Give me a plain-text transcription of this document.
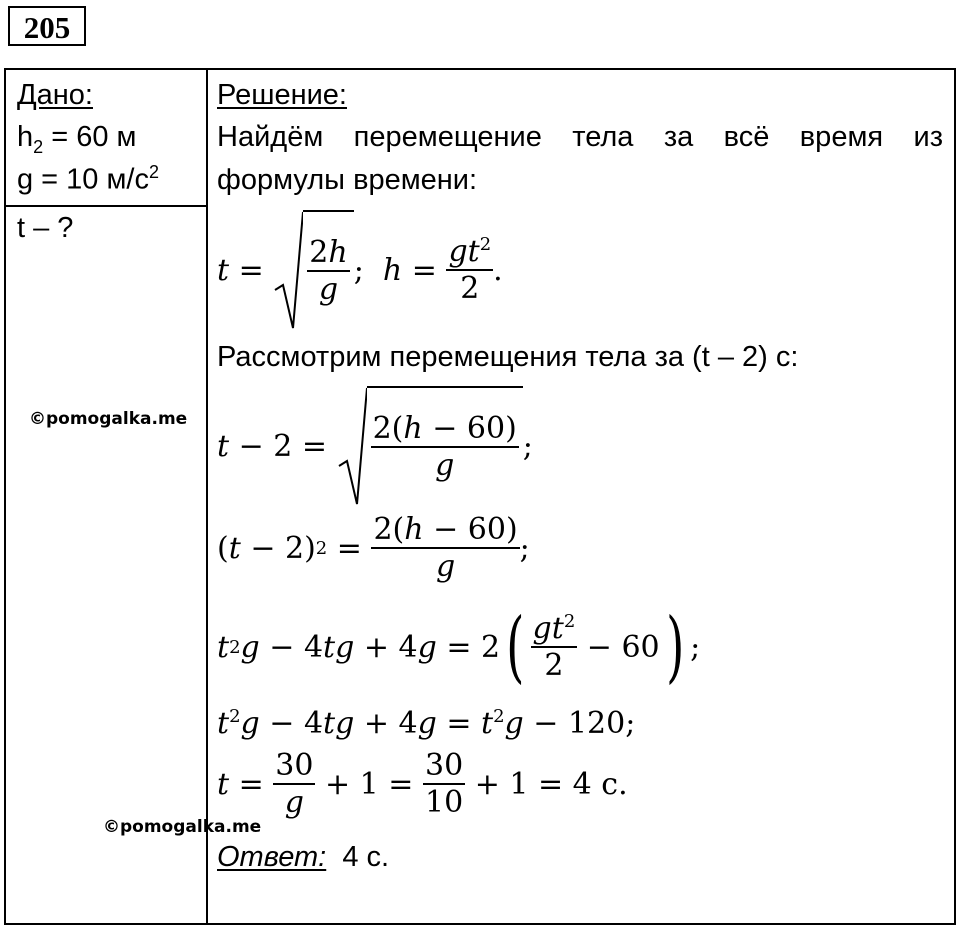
205
Дано:
$h_2 = 60$ м
g = 10 $м/с^2$
t – ?
©pomogalka.me
©pomogalka.me
Решение:
Найдём перемещение тела за всё время из
формулы времени:
$t = \frac{2h}{g}$ ; $h = \frac{gt^2}{2}$ .
Рассмотрим перемещения тела за (t – 2) с:
$t - 2 = \frac{2(h - 60)}{g}$ ;
( t − 2) $2 = \frac{2(h - 60)}{g}$ ;
t 2 g − 4 tg + 4 g = 2 ( $\frac{gt^2}{2} - 60$ ) ;
$t^2g - 4tg + 4g = t^2g - 120$;
$t = \frac{30}{g} + 1 = \frac{30}{10} + 1 = 4$ с.
Ответ: 4 с.
